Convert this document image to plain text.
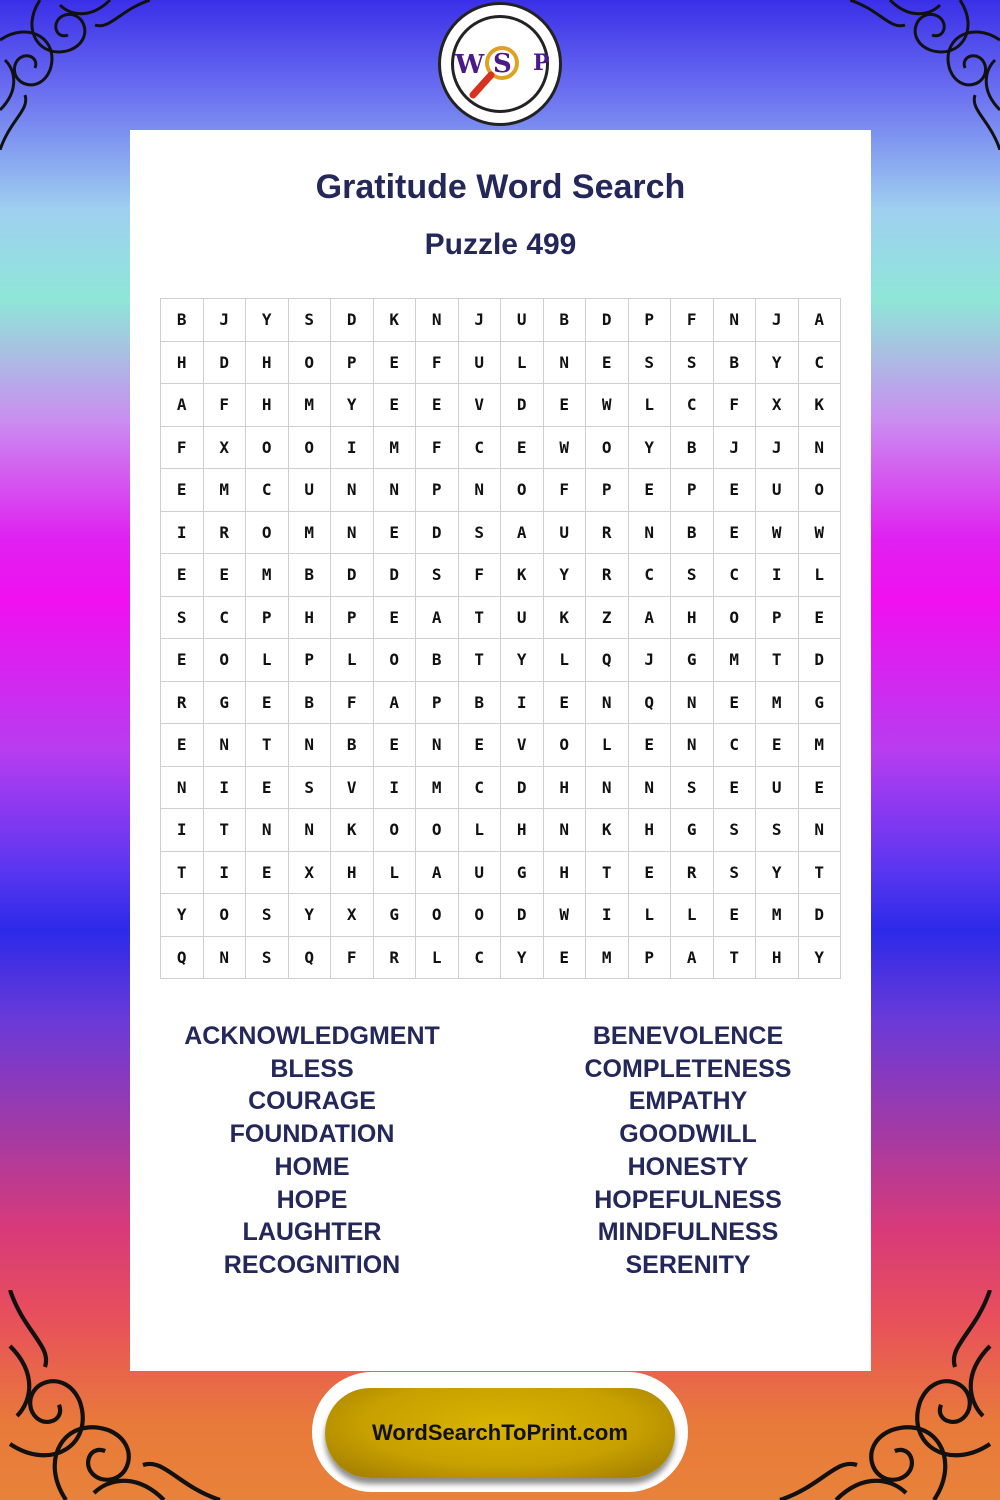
W S P
Gratitude Word Search
Puzzle 499
B	J	Y	S	D	K	N	J	U	B	D	P	F	N	J	A
H	D	H	O	P	E	F	U	L	N	E	S	S	B	Y	C
A	F	H	M	Y	E	E	V	D	E	W	L	C	F	X	K
F	X	O	O	I	M	F	C	E	W	O	Y	B	J	J	N
E	M	C	U	N	N	P	N	O	F	P	E	P	E	U	O
I	R	O	M	N	E	D	S	A	U	R	N	B	E	W	W
E	E	M	B	D	D	S	F	K	Y	R	C	S	C	I	L
S	C	P	H	P	E	A	T	U	K	Z	A	H	O	P	E
E	O	L	P	L	O	B	T	Y	L	Q	J	G	M	T	D
R	G	E	B	F	A	P	B	I	E	N	Q	N	E	M	G
E	N	T	N	B	E	N	E	V	O	L	E	N	C	E	M
N	I	E	S	V	I	M	C	D	H	N	N	S	E	U	E
I	T	N	N	K	O	O	L	H	N	K	H	G	S	S	N
T	I	E	X	H	L	A	U	G	H	T	E	R	S	Y	T
Y	O	S	Y	X	G	O	O	D	W	I	L	L	E	M	D
Q	N	S	Q	F	R	L	C	Y	E	M	P	A	T	H	Y
ACKNOWLEDGMENT
BLESS
COURAGE
FOUNDATION
HOME
HOPE
LAUGHTER
RECOGNITION
BENEVOLENCE
COMPLETENESS
EMPATHY
GOODWILL
HONESTY
HOPEFULNESS
MINDFULNESS
SERENITY
WordSearchToPrint.com
